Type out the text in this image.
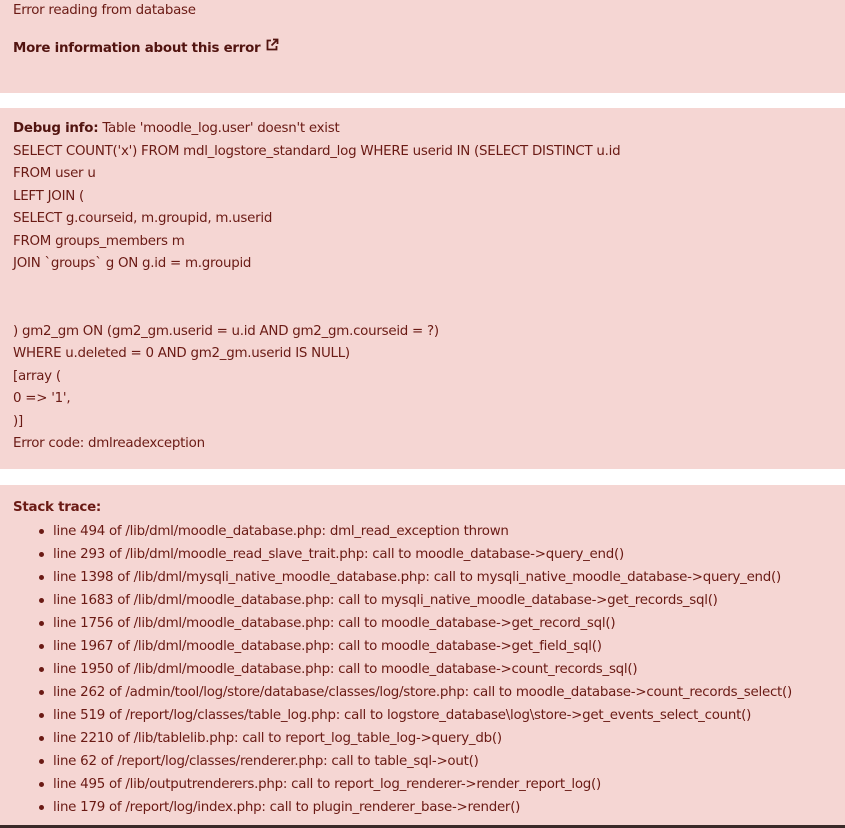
Error reading from database
More information about this error
Debug info: Table 'moodle_log.user' doesn't exist
SELECT COUNT('x') FROM mdl_logstore_standard_log WHERE userid IN (SELECT DISTINCT u.id
FROM user u
LEFT JOIN (
SELECT g.courseid, m.groupid, m.userid
FROM groups_members m
JOIN `groups` g ON g.id = m.groupid
) gm2_gm ON (gm2_gm.userid = u.id AND gm2_gm.courseid = ?)
WHERE u.deleted = 0 AND gm2_gm.userid IS NULL)
[array (
0 => '1',
)]
Error code: dmlreadexception
Stack trace:
line 494 of /lib/dml/moodle_database.php: dml_read_exception thrown
line 293 of /lib/dml/moodle_read_slave_trait.php: call to moodle_database->query_end()
line 1398 of /lib/dml/mysqli_native_moodle_database.php: call to mysqli_native_moodle_database->query_end()
line 1683 of /lib/dml/moodle_database.php: call to mysqli_native_moodle_database->get_records_sql()
line 1756 of /lib/dml/moodle_database.php: call to moodle_database->get_record_sql()
line 1967 of /lib/dml/moodle_database.php: call to moodle_database->get_field_sql()
line 1950 of /lib/dml/moodle_database.php: call to moodle_database->count_records_sql()
line 262 of /admin/tool/log/store/database/classes/log/store.php: call to moodle_database->count_records_select()
line 519 of /report/log/classes/table_log.php: call to logstore_database\log\store->get_events_select_count()
line 2210 of /lib/tablelib.php: call to report_log_table_log->query_db()
line 62 of /report/log/classes/renderer.php: call to table_sql->out()
line 495 of /lib/outputrenderers.php: call to report_log_renderer->render_report_log()
line 179 of /report/log/index.php: call to plugin_renderer_base->render()
